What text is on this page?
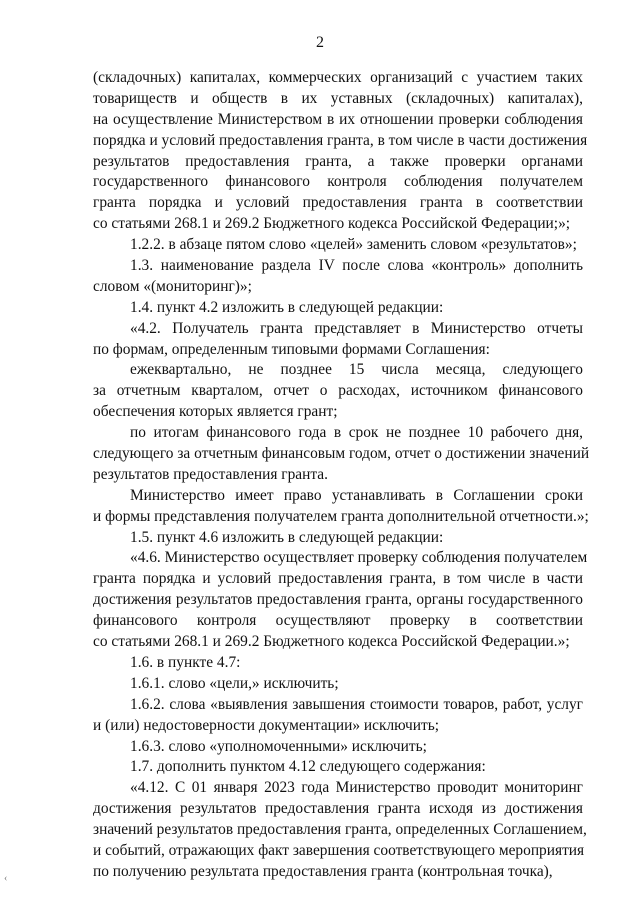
2
(складочных) капиталах, коммерческих организаций с участием таких
товариществ и обществ в их уставных (складочных) капиталах),
на осуществление Министерством в их отношении проверки соблюдения
порядка и условий предоставления гранта, в том числе в части достижения
результатов предоставления гранта, а также проверки органами
государственного финансового контроля соблюдения получателем
гранта порядка и условий предоставления гранта в соответствии
со статьями 268.1 и 269.2 Бюджетного кодекса Российской Федерации;»;
1.2.2. в абзаце пятом слово «целей» заменить словом «результатов»;
1.3. наименование раздела IV после слова «контроль» дополнить
словом «(мониторинг)»;
1.4. пункт 4.2 изложить в следующей редакции:
«4.2. Получатель гранта представляет в Министерство отчеты
по формам, определенным типовыми формами Соглашения:
ежеквартально, не позднее 15 числа месяца, следующего
за отчетным кварталом, отчет о расходах, источником финансового
обеспечения которых является грант;
по итогам финансового года в срок не позднее 10 рабочего дня,
следующего за отчетным финансовым годом, отчет о достижении значений
результатов предоставления гранта.
Министерство имеет право устанавливать в Соглашении сроки
и формы представления получателем гранта дополнительной отчетности.»;
1.5. пункт 4.6 изложить в следующей редакции:
«4.6. Министерство осуществляет проверку соблюдения получателем
гранта порядка и условий предоставления гранта, в том числе в части
достижения результатов предоставления гранта, органы государственного
финансового контроля осуществляют проверку в соответствии
со статьями 268.1 и 269.2 Бюджетного кодекса Российской Федерации.»;
1.6. в пункте 4.7:
1.6.1. слово «цели,» исключить;
1.6.2. слова «выявления завышения стоимости товаров, работ, услуг
и (или) недостоверности документации» исключить;
1.6.3. слово «уполномоченными» исключить;
1.7. дополнить пунктом 4.12 следующего содержания:
«4.12. С 01 января 2023 года Министерство проводит мониторинг
достижения результатов предоставления гранта исходя из достижения
значений результатов предоставления гранта, определенных Соглашением,
и событий, отражающих факт завершения соответствующего мероприятия
по получению результата предоставления гранта (контрольная точка),
‹
